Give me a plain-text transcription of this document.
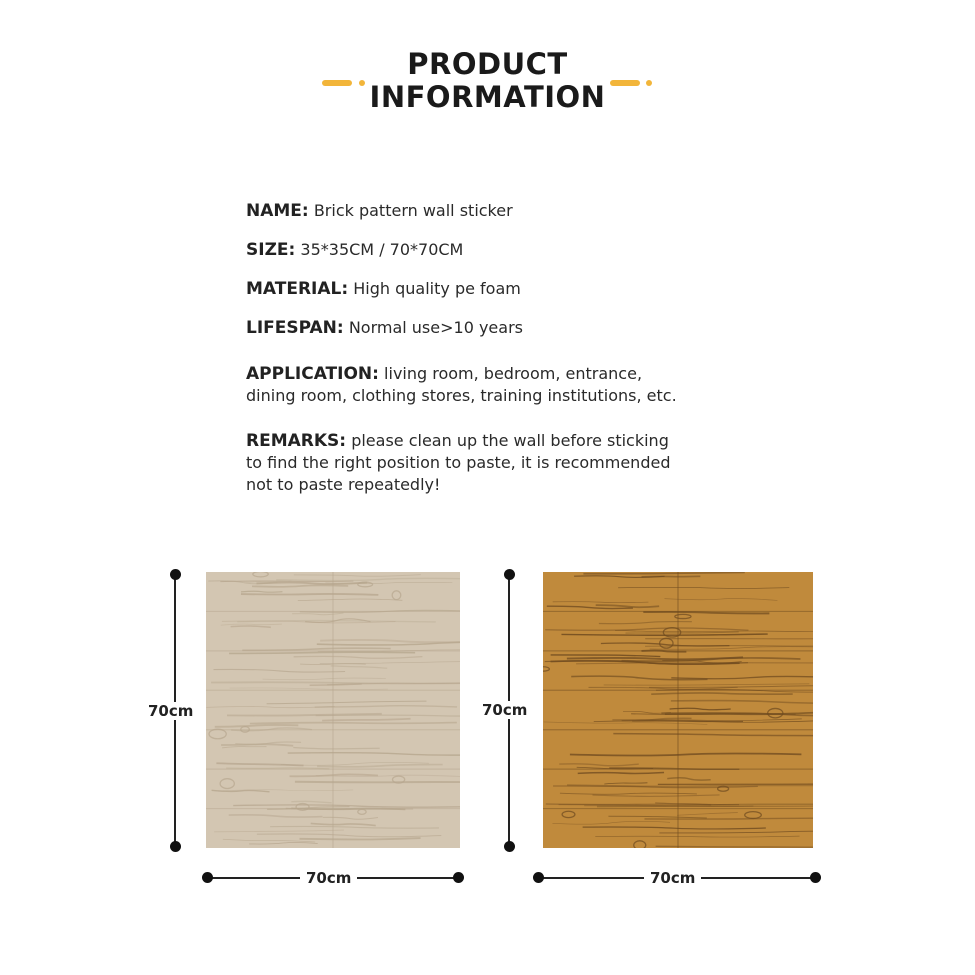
PRODUCT
INFORMATION
NAME: Brick pattern wall sticker
SIZE: 35*35CM / 70*70CM
MATERIAL: High quality pe foam
LIFESPAN: Normal use>10 years
APPLICATION: living room, bedroom, entrance,
dining room, clothing stores, training institutions, etc.
REMARKS: please clean up the wall before sticking
to find the right position to paste, it is recommended
not to paste repeatedly!
70cm
70cm
70cm
70cm
